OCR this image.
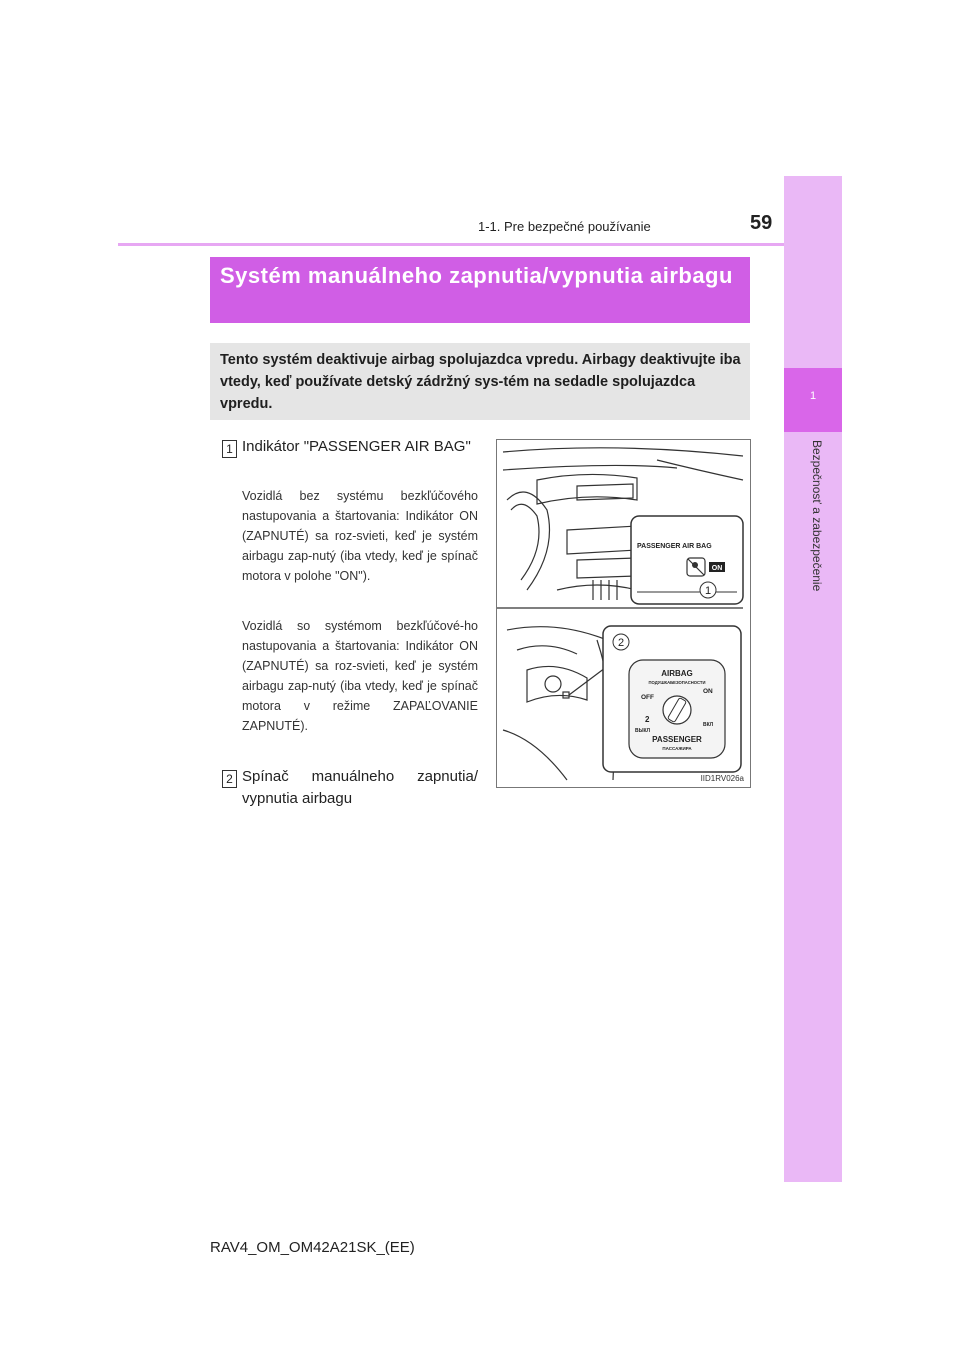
1
Bezpečnosť a zabezpečenie
1-1. Pre bezpečné používanie	59
Systém manuálneho zapnutia/vypnutia airbagu
Tento systém deaktivuje airbag spolujazdca vpredu. Airbagy deaktivujte iba vtedy, keď používate detský zádržný sys-tém na sedadle spolujazdca vpredu.
1 Indikátor "PASSENGER AIR BAG"
Vozidlá bez systému bezkľúčového nastupovania a štartovania: Indikátor ON (ZAPNUTÉ) sa roz-svieti, keď je systém airbagu zap-nutý (iba vtedy, keď je spínač motora v polohe "ON").
Vozidlá so systémom bezkľúčové-ho nastupovania a štartovania: Indikátor ON (ZAPNUTÉ) sa roz-svieti, keď je systém airbagu zap-nutý (iba vtedy, keď je spínač motora v režime ZAPAĽOVANIE ZAPNUTÉ).
2 Spínač manuálneho zapnutia/ vypnutia airbagu
PASSENGER AIR BAG
ON
1
2
AIRBAG
ПОДУШКАБЕЗОПАСНОСТИ
OFF
ON
2
ВЫКЛ
ВКЛ
PASSENGER
ПАССАЖИРА
IID1RV026a
RAV4_OM_OM42A21SK_(EE)
